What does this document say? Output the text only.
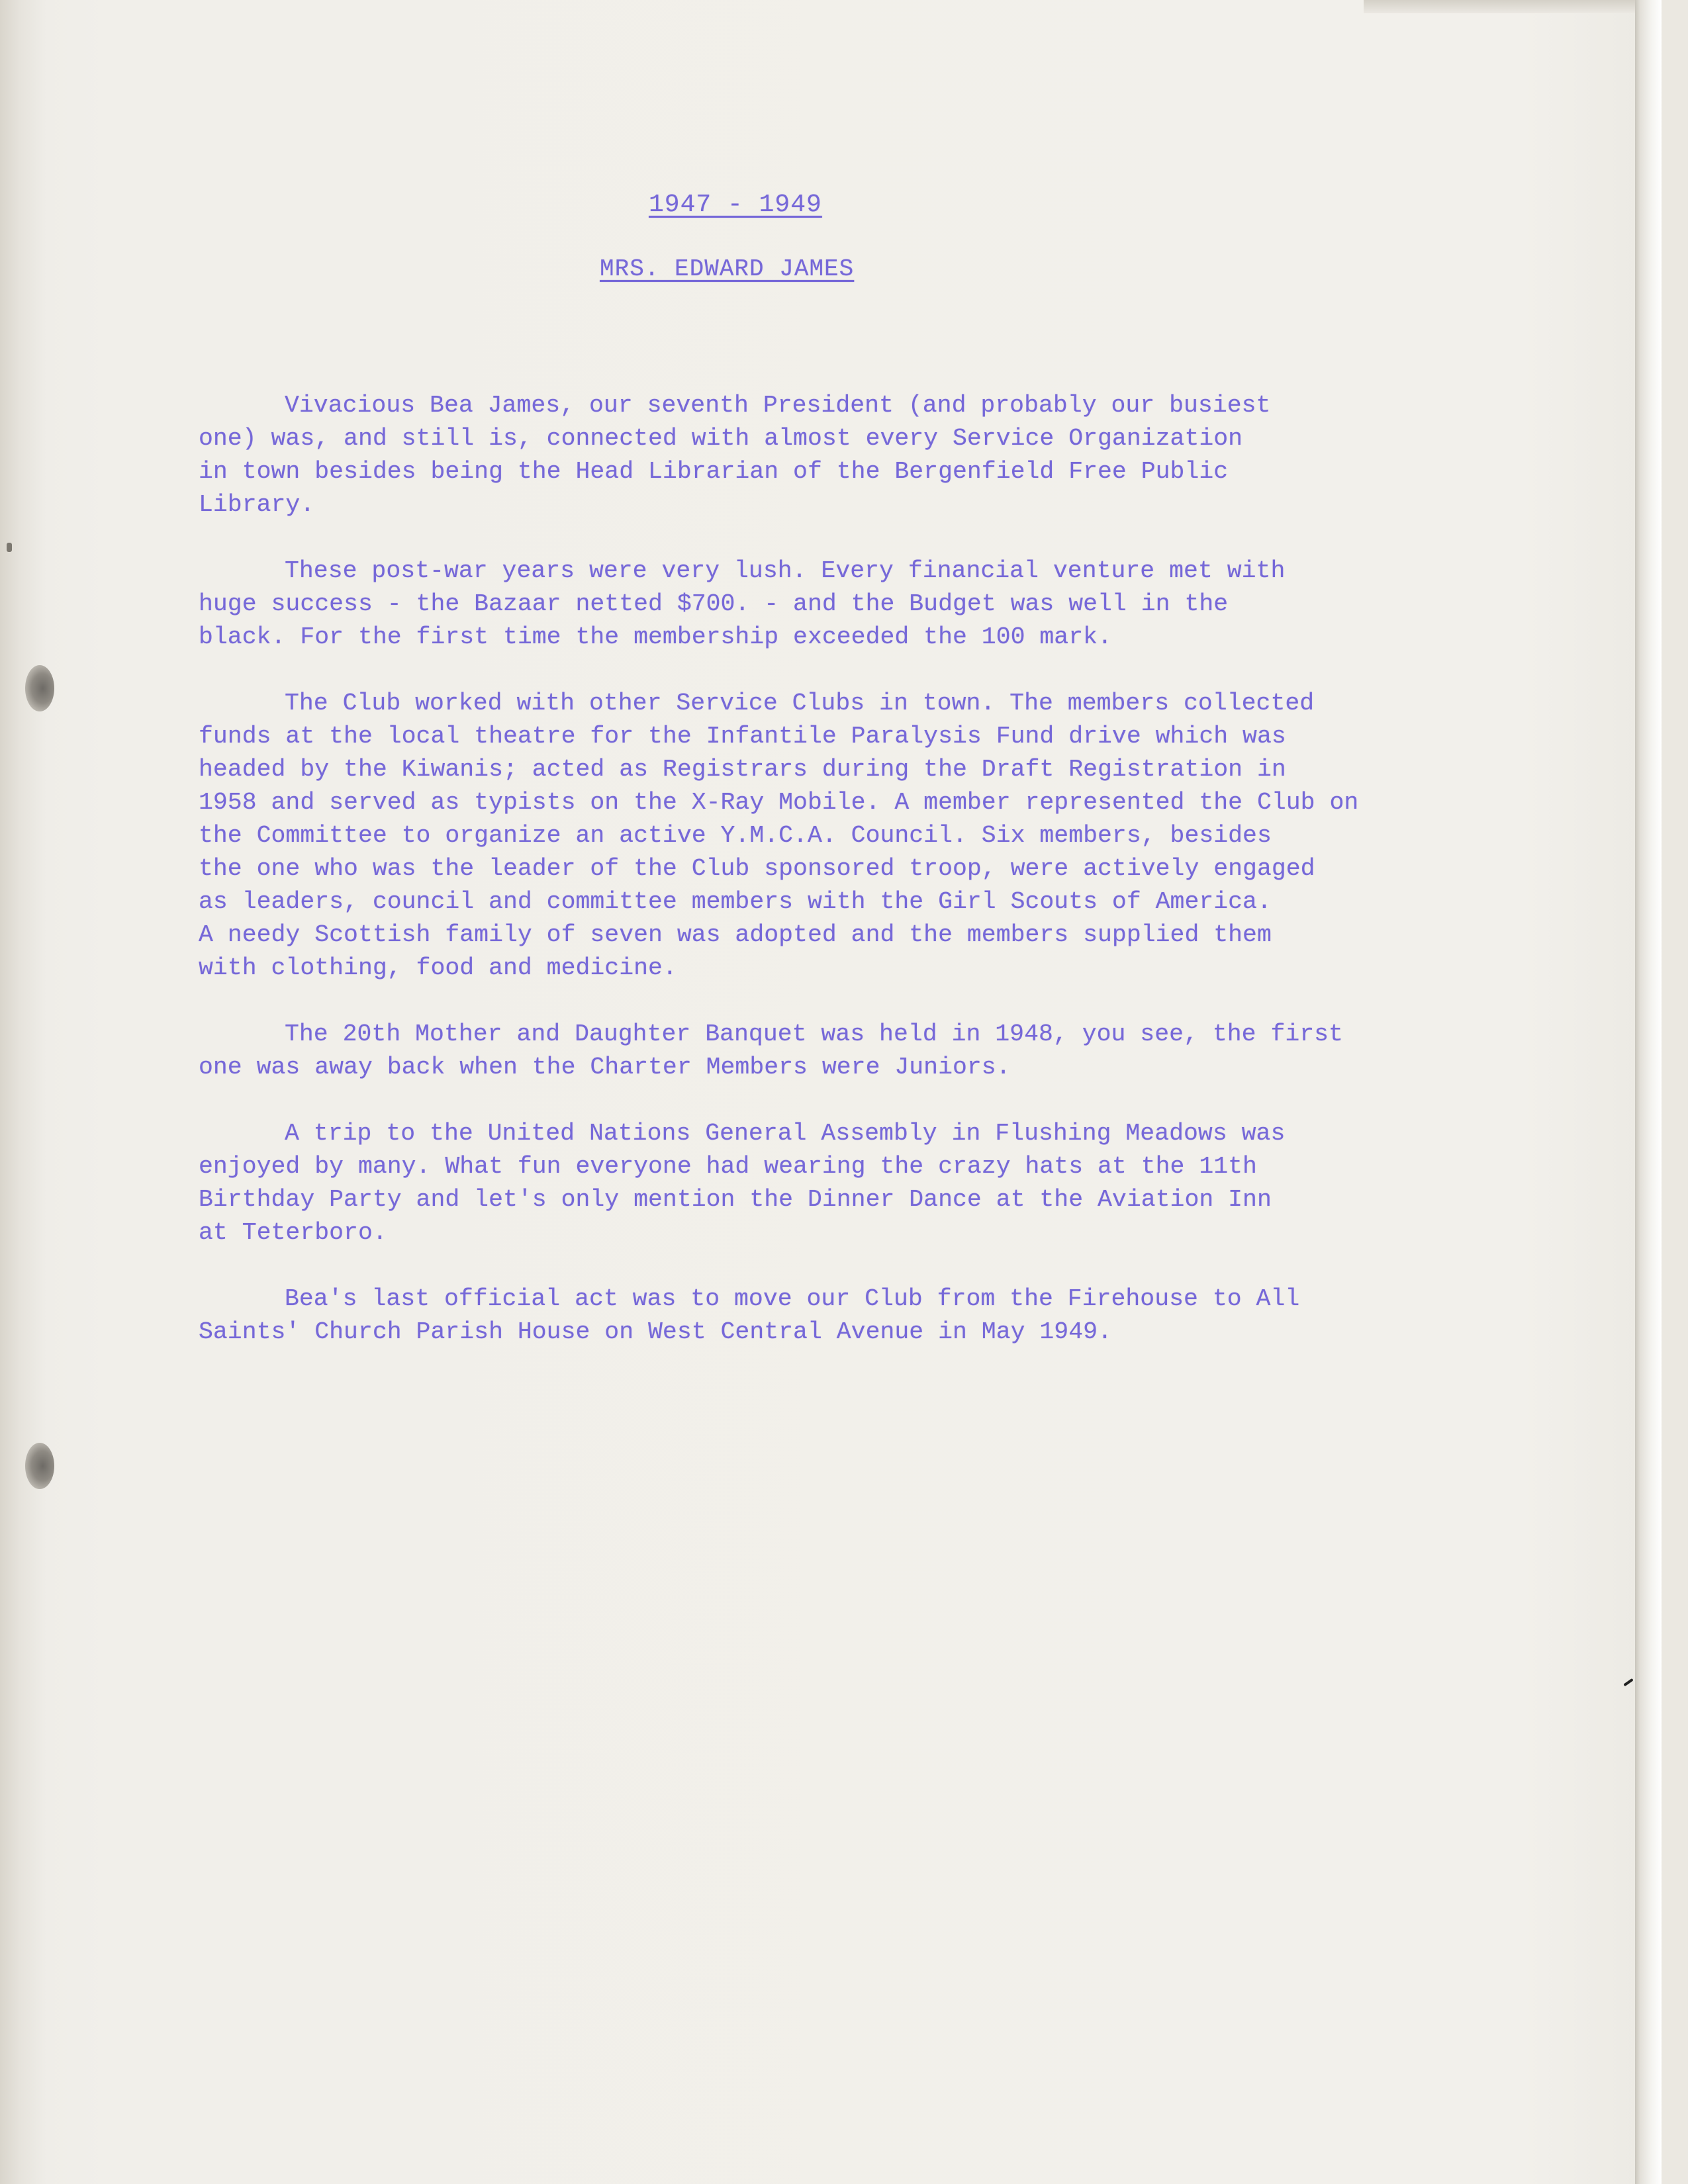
1947 - 1949
MRS. EDWARD JAMES
Vivacious Bea James, our seventh President (and probably our busiest
one) was, and still is, connected with almost every Service Organization
in town besides being the Head Librarian of the Bergenfield Free Public
Library.
These post-war years were very lush. Every financial venture met with
huge success - the Bazaar netted $700. - and the Budget was well in the
black. For the first time the membership exceeded the 100 mark.
The Club worked with other Service Clubs in town. The members collected
funds at the local theatre for the Infantile Paralysis Fund drive which was
headed by the Kiwanis; acted as Registrars during the Draft Registration in
1958 and served as typists on the X-Ray Mobile. A member represented the Club on
the Committee to organize an active Y.M.C.A. Council. Six members, besides
the one who was the leader of the Club sponsored troop, were actively engaged
as leaders, council and committee members with the Girl Scouts of America.
A needy Scottish family of seven was adopted and the members supplied them
with clothing, food and medicine.
The 20th Mother and Daughter Banquet was held in 1948, you see, the first
one was away back when the Charter Members were Juniors.
A trip to the United Nations General Assembly in Flushing Meadows was
enjoyed by many. What fun everyone had wearing the crazy hats at the 11th
Birthday Party and let's only mention the Dinner Dance at the Aviation Inn
at Teterboro.
Bea's last official act was to move our Club from the Firehouse to All
Saints' Church Parish House on West Central Avenue in May 1949.
